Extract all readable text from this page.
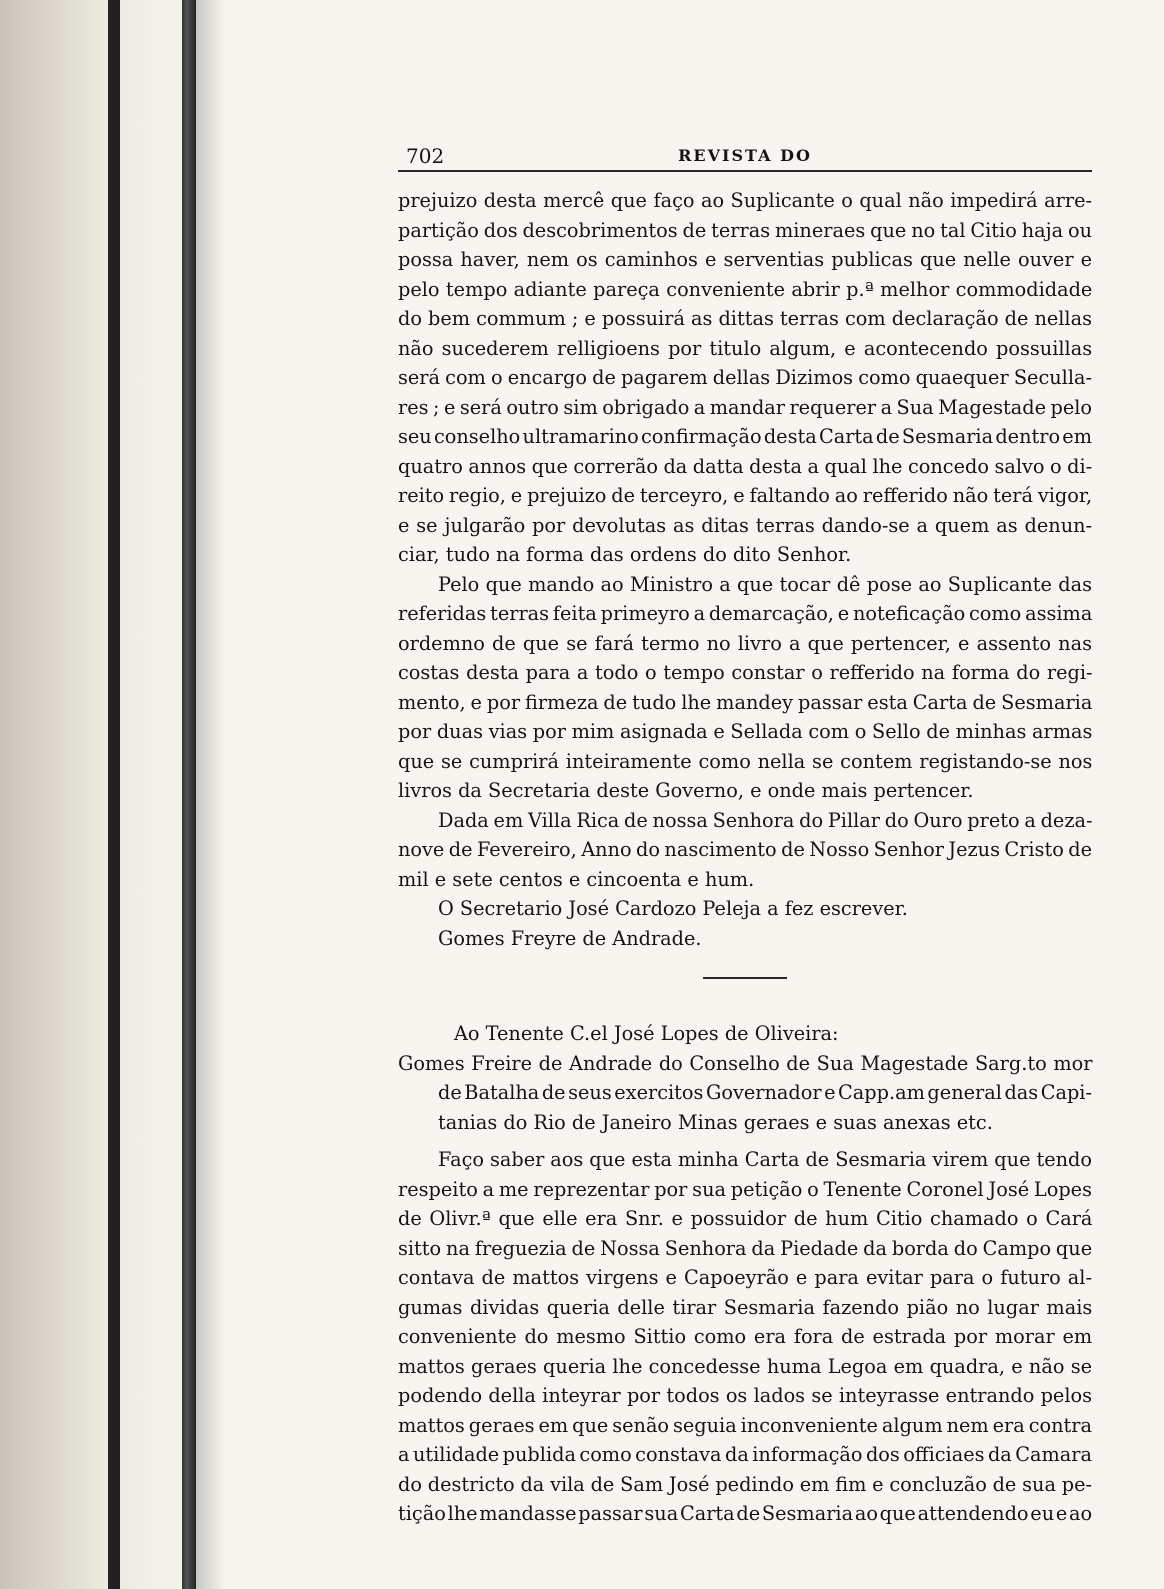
702	REVISTA DO

prejuizo desta mercê que faço ao Suplicante o qual não impedirá arre-
partição dos descobrimentos de terras mineraes que no tal Citio haja ou
possa haver, nem os caminhos e serventias publicas que nelle ouver e
pelo tempo adiante pareça conveniente abrir p.ª melhor commodidade
do bem commum ; e possuirá as dittas terras com declaração de nellas
não sucederem relligioens por titulo algum, e acontecendo possuillas
será com o encargo de pagarem dellas Dizimos como quaequer Seculla-
res ; e será outro sim obrigado a mandar requerer a Sua Magestade pelo
seu conselho ultramarino confirmação desta Carta de Sesmaria dentro em
quatro annos que correrão da datta desta a qual lhe concedo salvo o di-
reito regio, e prejuizo de terceyro, e faltando ao refferido não terá vigor,
e se julgarão por devolutas as ditas terras dando-se a quem as denun-
ciar, tudo na forma das ordens do dito Senhor.

Pelo que mando ao Ministro a que tocar dê pose ao Suplicante das
referidas terras feita primeyro a demarcação, e noteficação como assima
ordemno de que se fará termo no livro a que pertencer, e assento nas
costas desta para a todo o tempo constar o refferido na forma do regi-
mento, e por firmeza de tudo lhe mandey passar esta Carta de Sesmaria
por duas vias por mim asignada e Sellada com o Sello de minhas armas
que se cumprirá inteiramente como nella se contem registando-se nos
livros da Secretaria deste Governo, e onde mais pertencer.

Dada em Villa Rica de nossa Senhora do Pillar do Ouro preto a deza-
nove de Fevereiro, Anno do nascimento de Nosso Senhor Jezus Cristo de
mil e sete centos e cincoenta e hum.
O Secretario José Cardozo Peleja a fez escrever.
Gomes Freyre de Andrade.

Ao Tenente C.el José Lopes de Oliveira:

Gomes Freire de Andrade do Conselho de Sua Magestade Sarg.to mor
de Batalha de seus exercitos Governador e Capp.am general das Capi-
tanias do Rio de Janeiro Minas geraes e suas anexas etc.

Faço saber aos que esta minha Carta de Sesmaria virem que tendo
respeito a me reprezentar por sua petição o Tenente Coronel José Lopes
de Olivr.ª que elle era Snr. e possuidor de hum Citio chamado o Cará
sitto na freguezia de Nossa Senhora da Piedade da borda do Campo que
contava de mattos virgens e Capoeyrão e para evitar para o futuro al-
gumas dividas queria delle tirar Sesmaria fazendo pião no lugar mais
conveniente do mesmo Sittio como era fora de estrada por morar em
mattos geraes queria lhe concedesse huma Legoa em quadra, e não se
podendo della inteyrar por todos os lados se inteyrasse entrando pelos
mattos geraes em que senão seguia inconveniente algum nem era contra
a utilidade publida como constava da informação dos officiaes da Camara
do destricto da vila de Sam José pedindo em fim e concluzão de sua pe-
tição lhe mandasse passar sua Carta de Sesmaria ao que attendendo eu e ao
